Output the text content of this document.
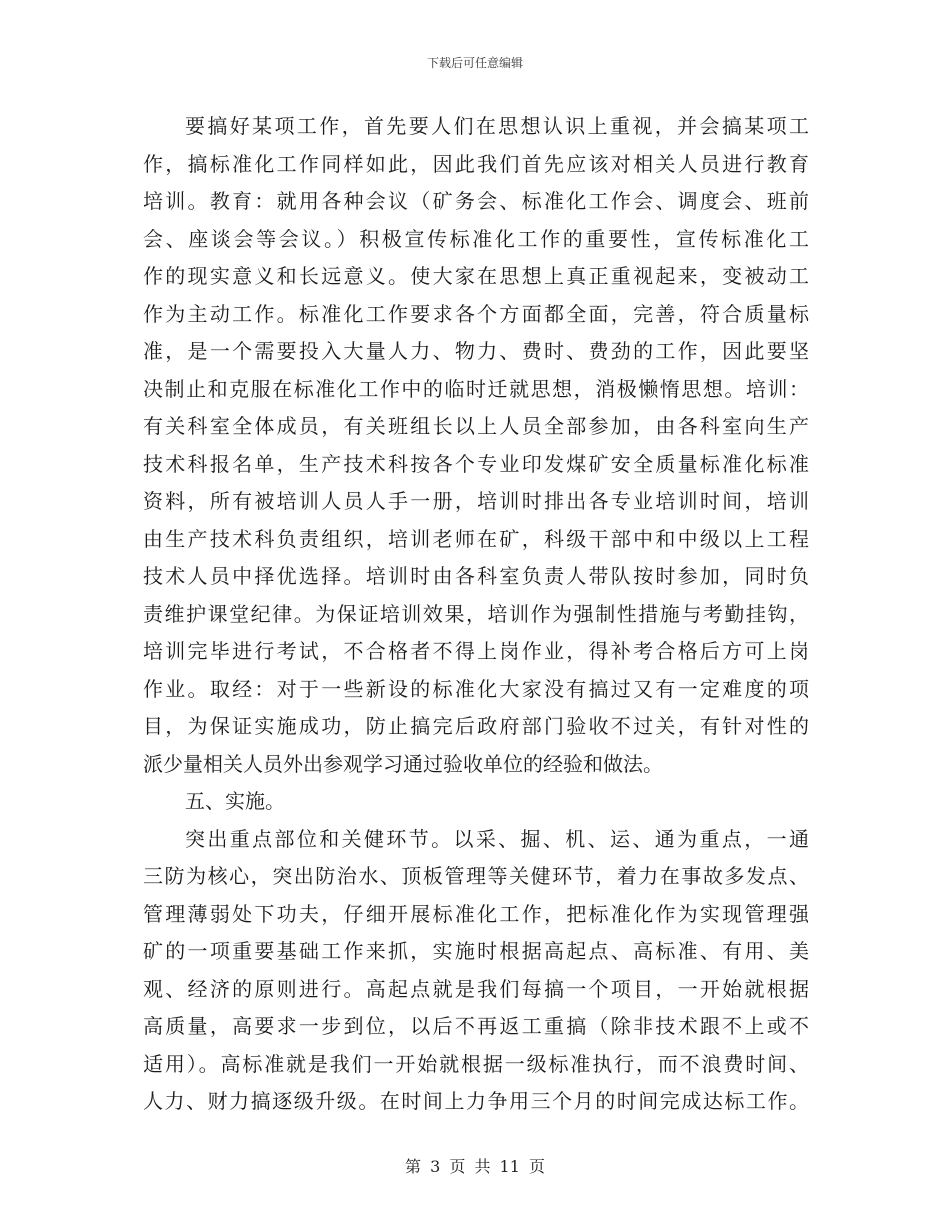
下载后可任意编辑
要搞好某项工作，首先要人们在思想认识上重视，并会搞某项工
作，搞标准化工作同样如此，因此我们首先应该对相关人员进行教育
培训。教育：就用各种会议（矿务会、标准化工作会、调度会、班前
会、座谈会等会议。）积极宣传标准化工作的重要性，宣传标准化工
作的现实意义和长远意义。使大家在思想上真正重视起来，变被动工
作为主动工作。标准化工作要求各个方面都全面，完善，符合质量标
准，是一个需要投入大量人力、物力、费时、费劲的工作，因此要坚
决制止和克服在标准化工作中的临时迁就思想，消极懒惰思想。培训：
有关科室全体成员，有关班组长以上人员全部参加，由各科室向生产
技术科报名单，生产技术科按各个专业印发煤矿安全质量标准化标准
资料，所有被培训人员人手一册，培训时排出各专业培训时间，培训
由生产技术科负责组织，培训老师在矿，科级干部中和中级以上工程
技术人员中择优选择。培训时由各科室负责人带队按时参加，同时负
责维护课堂纪律。为保证培训效果，培训作为强制性措施与考勤挂钩，
培训完毕进行考试，不合格者不得上岗作业，得补考合格后方可上岗
作业。取经：对于一些新设的标准化大家没有搞过又有一定难度的项
目，为保证实施成功，防止搞完后政府部门验收不过关，有针对性的
派少量相关人员外出参观学习通过验收单位的经验和做法。
五、实施。
突出重点部位和关健环节。以采、掘、机、运、通为重点，一通
三防为核心，突出防治水、顶板管理等关健环节，着力在事故多发点、
管理薄弱处下功夫，仔细开展标准化工作，把标准化作为实现管理强
矿的一项重要基础工作来抓，实施时根据高起点、高标准、有用、美
观、经济的原则进行。高起点就是我们每搞一个项目，一开始就根据
高质量，高要求一步到位，以后不再返工重搞（除非技术跟不上或不
适用）。高标准就是我们一开始就根据一级标准执行，而不浪费时间、
人力、财力搞逐级升级。在时间上力争用三个月的时间完成达标工作。
第 3 页 共 11 页
